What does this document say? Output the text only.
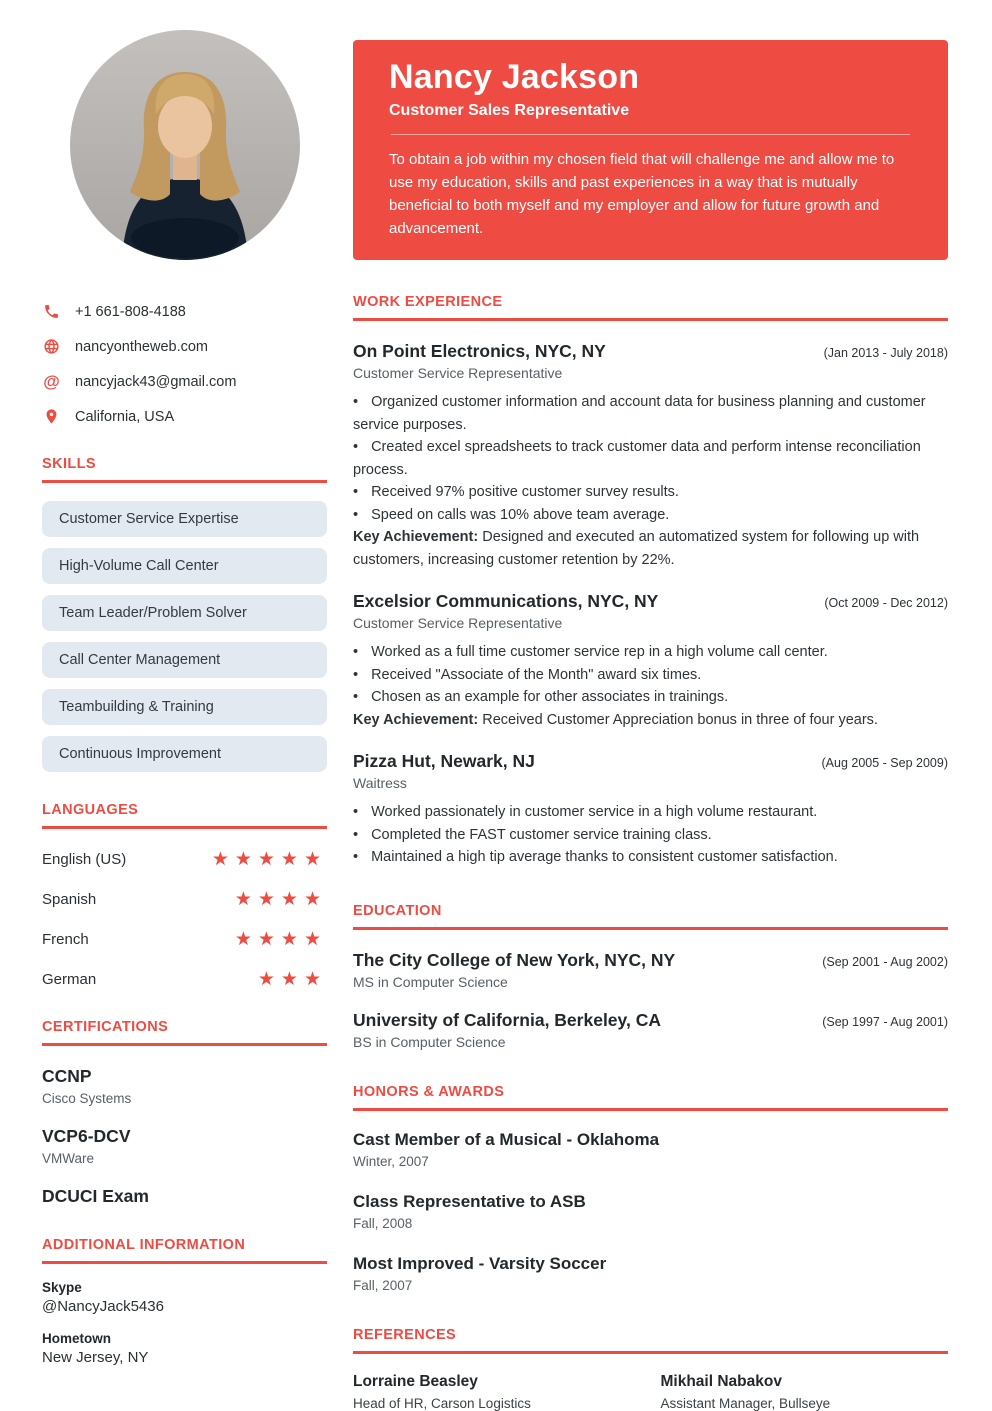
+1 661-808-4188
nancyontheweb.com
@ nancyjack43@gmail.com
California, USA
SKILLS
Customer Service Expertise
High-Volume Call Center
Team Leader/Problem Solver
Call Center Management
Teambuilding & Training
Continuous Improvement
LANGUAGES
English (US)	★★★★★
Spanish	★★★★
French	★★★★
German	★★★
CERTIFICATIONS
CCNP
Cisco Systems
VCP6-DCV
VMWare
DCUCI Exam
ADDITIONAL INFORMATION
Skype
@NancyJack5436
Hometown
New Jersey, NY
Nancy Jackson
Customer Sales Representative

To obtain a job within my chosen field that will challenge me and allow me to use my education, skills and past experiences in a way that is mutually beneficial to both myself and my employer and allow for future growth and advancement.

WORK EXPERIENCE
On Point Electronics, NYC, NY	(Jan 2013 - July 2018)
Customer Service Representative
• Organized customer information and account data for business planning and customer service purposes.
• Created excel spreadsheets to track customer data and perform intense reconciliation process.
• Received 97% positive customer survey results.
• Speed on calls was 10% above team average.
Key Achievement: Designed and executed an automatized system for following up with customers, increasing customer retention by 22%.
Excelsior Communications, NYC, NY	(Oct 2009 - Dec 2012)
Customer Service Representative
• Worked as a full time customer service rep in a high volume call center.
• Received "Associate of the Month" award six times.
• Chosen as an example for other associates in trainings.
Key Achievement: Received Customer Appreciation bonus in three of four years.
Pizza Hut, Newark, NJ	(Aug 2005 - Sep 2009)
Waitress
• Worked passionately in customer service in a high volume restaurant.
• Completed the FAST customer service training class.
• Maintained a high tip average thanks to consistent customer satisfaction.
EDUCATION
The City College of New York, NYC, NY	(Sep 2001 - Aug 2002)
MS in Computer Science
University of California, Berkeley, CA	(Sep 1997 - Aug 2001)
BS in Computer Science
HONORS & AWARDS
Cast Member of a Musical - Oklahoma
Winter, 2007
Class Representative to ASB
Fall, 2008
Most Improved - Varsity Soccer
Fall, 2007
REFERENCES
Lorraine Beasley
Head of HR, Carson Logistics
Mikhail Nabakov
Assistant Manager, Bullseye
